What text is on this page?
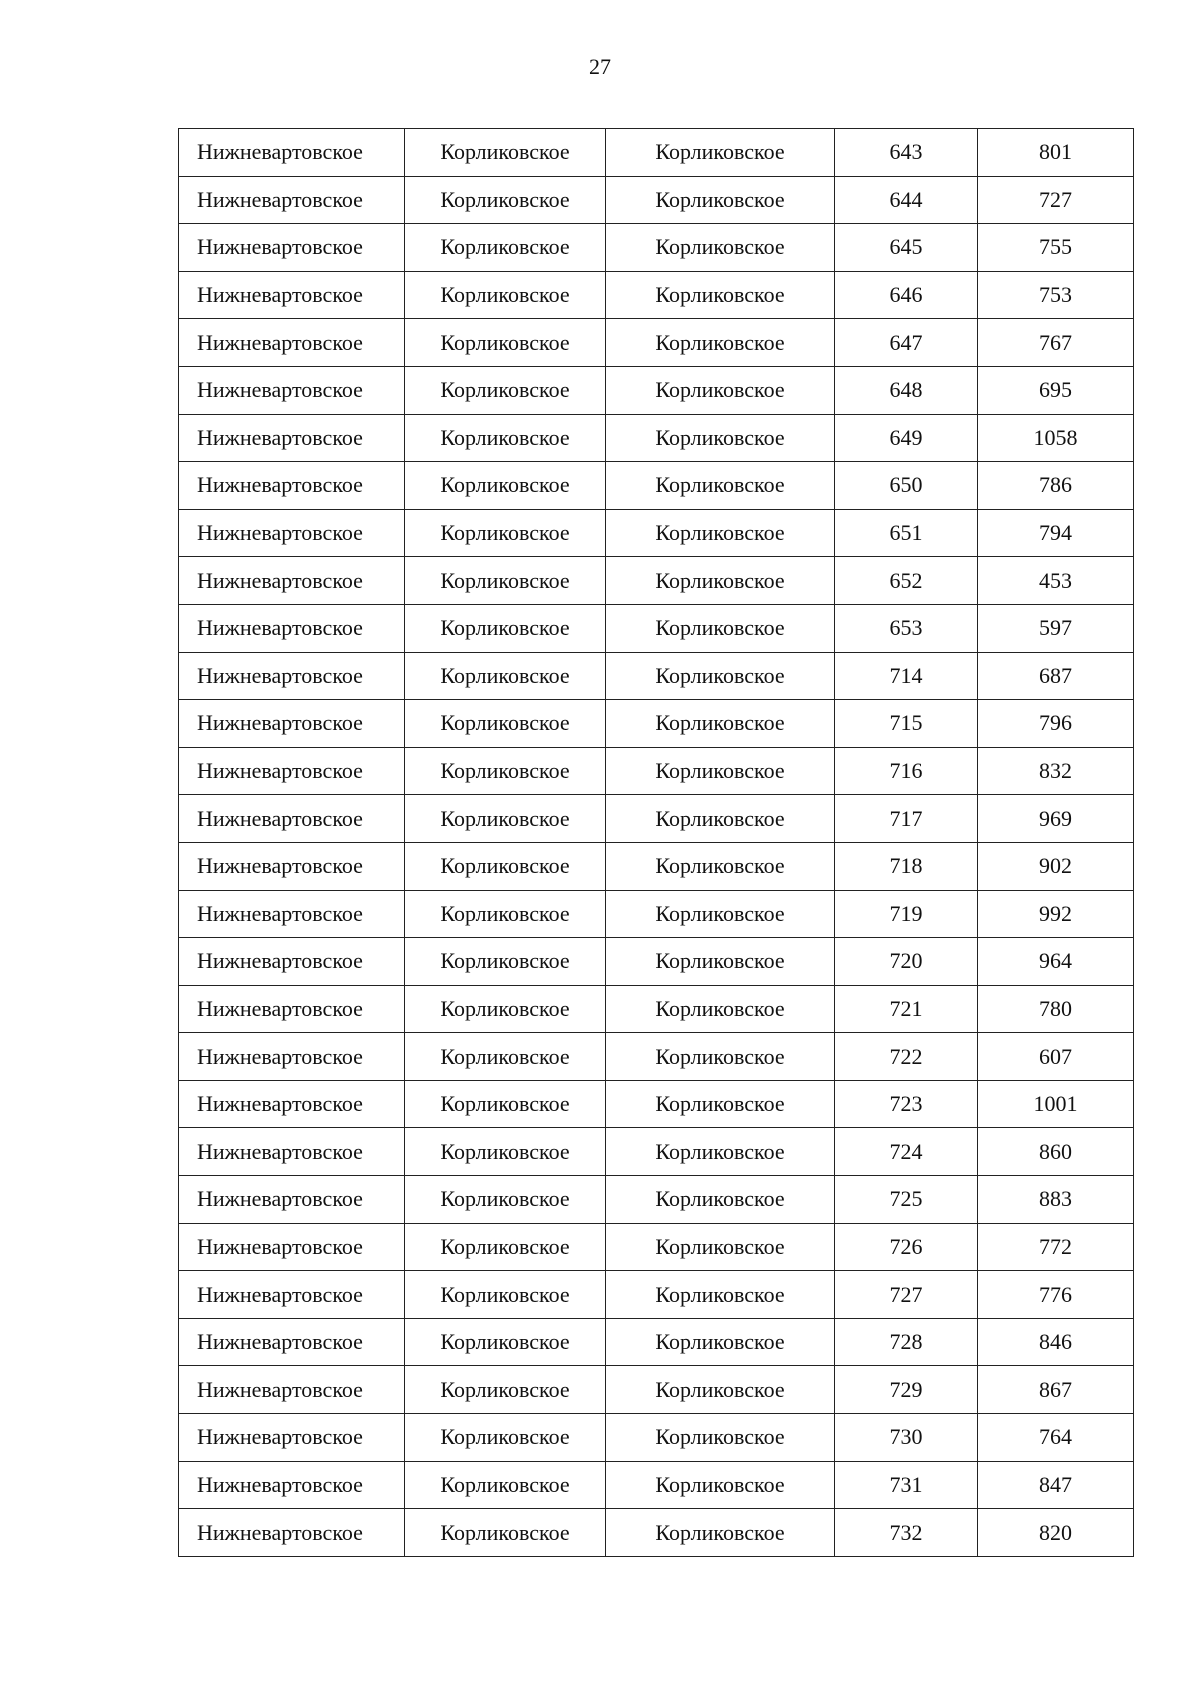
27
Нижневартовское	Корликовское	Корликовское	643	801
Нижневартовское	Корликовское	Корликовское	644	727
Нижневартовское	Корликовское	Корликовское	645	755
Нижневартовское	Корликовское	Корликовское	646	753
Нижневартовское	Корликовское	Корликовское	647	767
Нижневартовское	Корликовское	Корликовское	648	695
Нижневартовское	Корликовское	Корликовское	649	1058
Нижневартовское	Корликовское	Корликовское	650	786
Нижневартовское	Корликовское	Корликовское	651	794
Нижневартовское	Корликовское	Корликовское	652	453
Нижневартовское	Корликовское	Корликовское	653	597
Нижневартовское	Корликовское	Корликовское	714	687
Нижневартовское	Корликовское	Корликовское	715	796
Нижневартовское	Корликовское	Корликовское	716	832
Нижневартовское	Корликовское	Корликовское	717	969
Нижневартовское	Корликовское	Корликовское	718	902
Нижневартовское	Корликовское	Корликовское	719	992
Нижневартовское	Корликовское	Корликовское	720	964
Нижневартовское	Корликовское	Корликовское	721	780
Нижневартовское	Корликовское	Корликовское	722	607
Нижневартовское	Корликовское	Корликовское	723	1001
Нижневартовское	Корликовское	Корликовское	724	860
Нижневартовское	Корликовское	Корликовское	725	883
Нижневартовское	Корликовское	Корликовское	726	772
Нижневартовское	Корликовское	Корликовское	727	776
Нижневартовское	Корликовское	Корликовское	728	846
Нижневартовское	Корликовское	Корликовское	729	867
Нижневартовское	Корликовское	Корликовское	730	764
Нижневартовское	Корликовское	Корликовское	731	847
Нижневартовское	Корликовское	Корликовское	732	820
